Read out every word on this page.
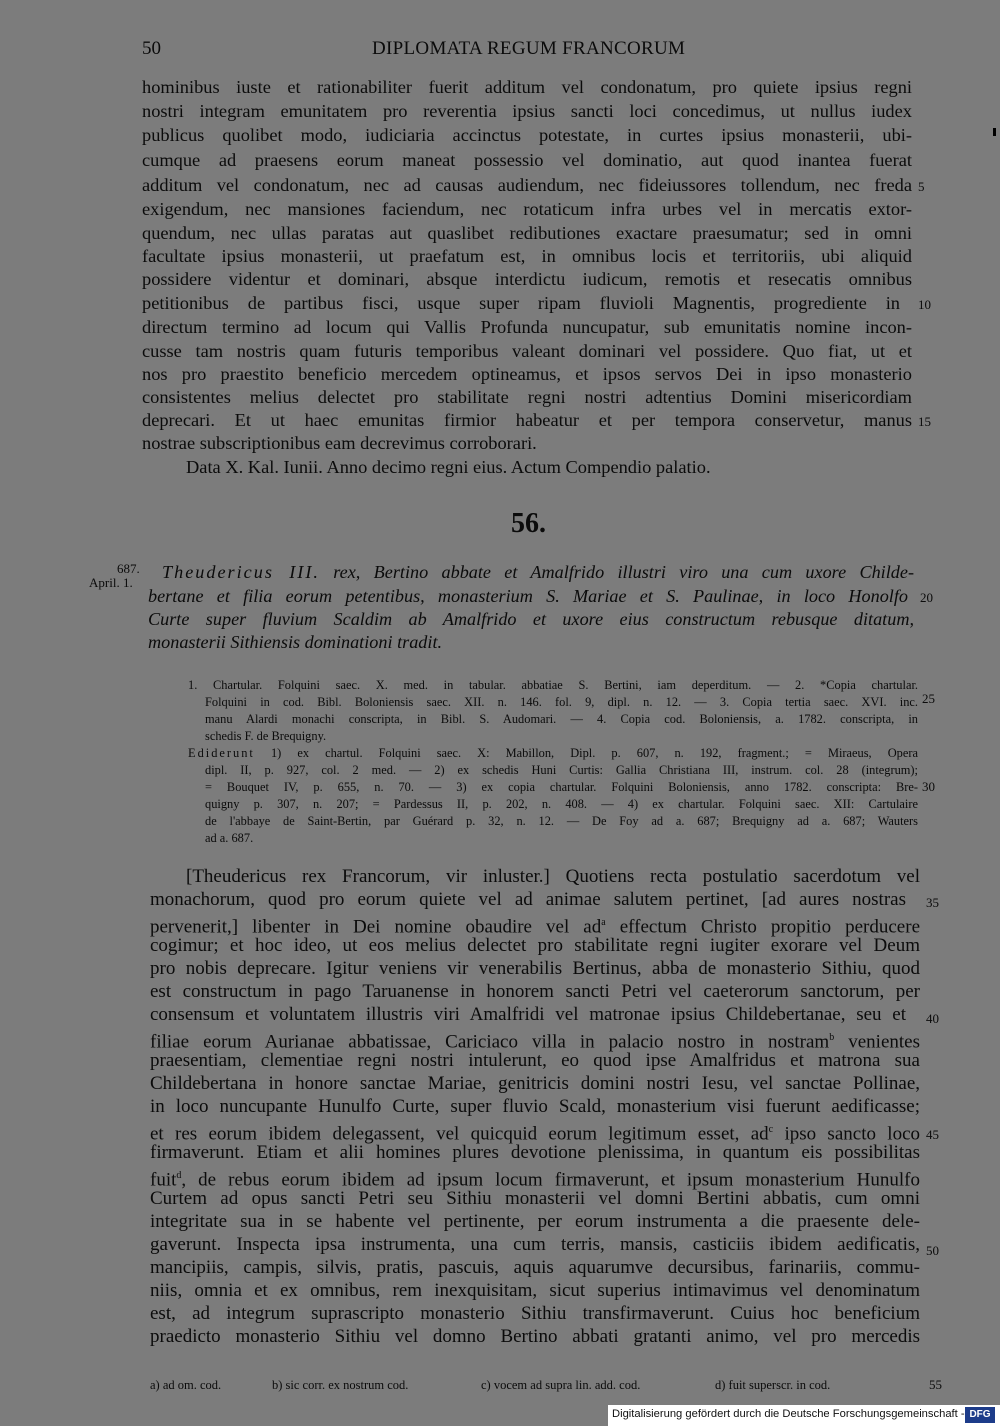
50	DIPLOMATA REGUM FRANCORUM
hominibus iuste et rationabiliter fuerit additum vel condonatum, pro quiete ipsius regni
nostri integram emunitatem pro reverentia ipsius sancti loci concedimus, ut nullus iudex
publicus quolibet modo, iudiciaria accinctus potestate, in curtes ipsius monasterii, ubi-
cumque ad praesens eorum maneat possessio vel dominatio, aut quod inantea fuerat
additum vel condonatum, nec ad causas audiendum, nec fideiussores tollendum, nec freda
exigendum, nec mansiones faciendum, nec rotaticum infra urbes vel in mercatis extor-
quendum, nec ullas paratas aut quaslibet redibutiones exactare praesumatur; sed in omni
facultate ipsius monasterii, ut praefatum est, in omnibus locis et territoriis, ubi aliquid
possidere videntur et dominari, absque interdictu iudicum, remotis et resecatis omnibus
petitionibus de partibus fisci, usque super ripam fluvioli Magnentis, progrediente in
directum termino ad locum qui Vallis Profunda nuncupatur, sub emunitatis nomine incon-
cusse tam nostris quam futuris temporibus valeant dominari vel possidere. Quo fiat, ut et
nos pro praestito beneficio mercedem optineamus, et ipsos servos Dei in ipso monasterio
consistentes melius delectet pro stabilitate regni nostri adtentius Domini misericordiam
deprecari. Et ut haec emunitas firmior habeatur et per tempora conservetur, manus
nostrae subscriptionibus eam decrevimus corroborari.
Data X. Kal. Iunii. Anno decimo regni eius. Actum Compendio palatio.
5
10
15
56.
687.
April. 1.
Theudericus III. rex, Bertino abbate et Amalfrido illustri viro una cum uxore Childe-
bertane et filia eorum petentibus, monasterium S. Mariae et S. Paulinae, in loco Honolfo
Curte super fluvium Scaldim ab Amalfrido et uxore eius constructum rebusque ditatum,
monasterii Sithiensis dominationi tradit.
20
1. Chartular. Folquini saec. X. med. in tabular. abbatiae S. Bertini, iam deperditum. — 2. *Copia chartular.
Folquini in cod. Bibl. Boloniensis saec. XII. n. 146. fol. 9, dipl. n. 12. — 3. Copia tertia saec. XVI. inc.
manu Alardi monachi conscripta, in Bibl. S. Audomari. — 4. Copia cod. Boloniensis, a. 1782. conscripta, in
schedis F. de Brequigny.
Ediderunt 1) ex chartul. Folquini saec. X: Mabillon, Dipl. p. 607, n. 192, fragment.; = Miraeus, Opera
dipl. II, p. 927, col. 2 med. — 2) ex schedis Huni Curtis: Gallia Christiana III, instrum. col. 28 (integrum);
= Bouquet IV, p. 655, n. 70. — 3) ex copia chartular. Folquini Boloniensis, anno 1782. conscripta: Bre-
quigny p. 307, n. 207; = Pardessus II, p. 202, n. 408. — 4) ex chartular. Folquini saec. XII: Cartulaire
de l'abbaye de Saint-Bertin, par Guérard p. 32, n. 12. — De Foy ad a. 687; Brequigny ad a. 687; Wauters
ad a. 687.
25
30
[Theudericus rex Francorum, vir inluster.] Quotiens recta postulatio sacerdotum vel
monachorum, quod pro eorum quiete vel ad animae salutem pertinet, [ad aures nostras
pervenerit,] libenter in Dei nomine obaudire vel $ad^a$ effectum Christo propitio perducere
cogimur; et hoc ideo, ut eos melius delectet pro stabilitate regni iugiter exorare vel Deum
pro nobis deprecare. Igitur veniens vir venerabilis Bertinus, abba de monasterio Sithiu, quod
est constructum in pago Taruanense in honorem sancti Petri vel caeterorum sanctorum, per
consensum et voluntatem illustris viri Amalfridi vel matronae ipsius Childebertanae, seu et
filiae eorum Aurianae abbatissae, Cariciaco villa in palacio nostro in nostram$^b$ venientes
praesentiam, clementiae regni nostri intulerunt, eo quod ipse Amalfridus et matrona sua
Childebertana in honore sanctae Mariae, genitricis domini nostri Iesu, vel sanctae Pollinae,
in loco nuncupante Hunulfo Curte, super fluvio Scald, monasterium visi fuerunt aedificasse;
et res eorum ibidem delegassent, vel quicquid eorum legitimum esset, $ad^c$ ipso sancto loco
firmaverunt. Etiam et alii homines plures devotione plenissima, in quantum eis possibilitas
fuit$^d$, de rebus eorum ibidem ad ipsum locum firmaverunt, et ipsum monasterium Hunulfo
Curtem ad opus sancti Petri seu Sithiu monasterii vel domni Bertini abbatis, cum omni
integritate sua in se habente vel pertinente, per eorum instrumenta a die praesente dele-
gaverunt. Inspecta ipsa instrumenta, una cum terris, mansis, casticiis ibidem aedificatis,
mancipiis, campis, silvis, pratis, pascuis, aquis aquarumve decursibus, farinariis, commu-
niis, omnia et ex omnibus, rem inexquisitam, sicut superius intimavimus vel denominatum
est, ad integrum suprascripto monasterio Sithiu transfirmaverunt. Cuius hoc beneficium
praedicto monasterio Sithiu vel domno Bertino abbati gratanti animo, vel pro mercedis
35
40
45
50
a) ad om. cod.	b) sic corr. ex nostrum cod.	c) vocem ad supra lin. add. cod.	d) fuit superscr. in cod.	55
Digitalisierung gefördert durch die Deutsche Forschungsgemeinschaft - DFG
